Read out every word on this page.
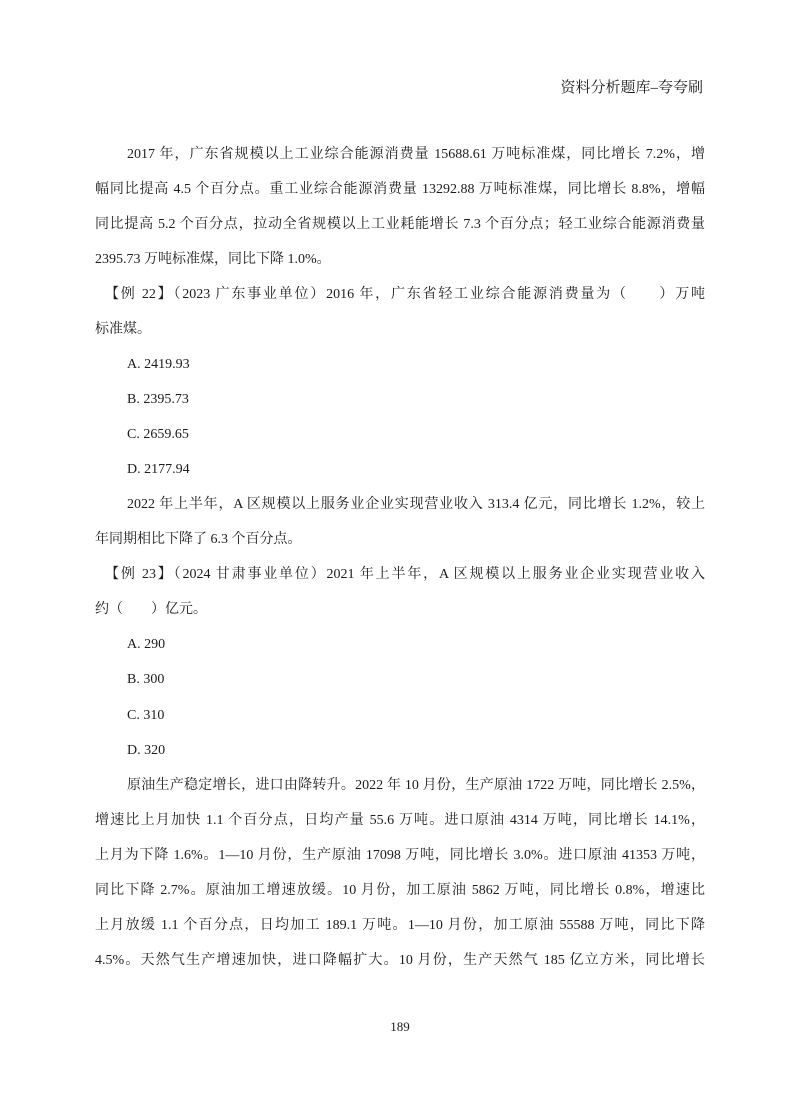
资料分析题库–夸夸刷
2017 年，广东省规模以上工业综合能源消费量 15688.61 万吨标准煤，同比增长 7.2%，增
幅同比提高 4.5 个百分点。重工业综合能源消费量 13292.88 万吨标准煤，同比增长 8.8%，增幅
同比提高 5.2 个百分点，拉动全省规模以上工业耗能增长 7.3 个百分点；轻工业综合能源消费量
2395.73 万吨标准煤，同比下降 1.0%。
【例 22】（2023 广东事业单位）2016 年，广东省轻工业综合能源消费量为（　　）万吨
标准煤。
A. 2419.93
B. 2395.73
C. 2659.65
D. 2177.94
2022 年上半年，A 区规模以上服务业企业实现营业收入 313.4 亿元，同比增长 1.2%，较上
年同期相比下降了 6.3 个百分点。
【例 23】（2024 甘肃事业单位）2021 年上半年，A 区规模以上服务业企业实现营业收入
约（　　）亿元。
A. 290
B. 300
C. 310
D. 320
原油生产稳定增长，进口由降转升。2022 年 10 月份，生产原油 1722 万吨，同比增长 2.5%，
增速比上月加快 1.1 个百分点，日均产量 55.6 万吨。进口原油 4314 万吨，同比增长 14.1%，
上月为下降 1.6%。1—10 月份，生产原油 17098 万吨，同比增长 3.0%。进口原油 41353 万吨，
同比下降 2.7%。原油加工增速放缓。10 月份，加工原油 5862 万吨，同比增长 0.8%，增速比
上月放缓 1.1 个百分点，日均加工 189.1 万吨。1—10 月份，加工原油 55588 万吨，同比下降
4.5%。天然气生产增速加快，进口降幅扩大。10 月份，生产天然气 185 亿立方米，同比增长
189
